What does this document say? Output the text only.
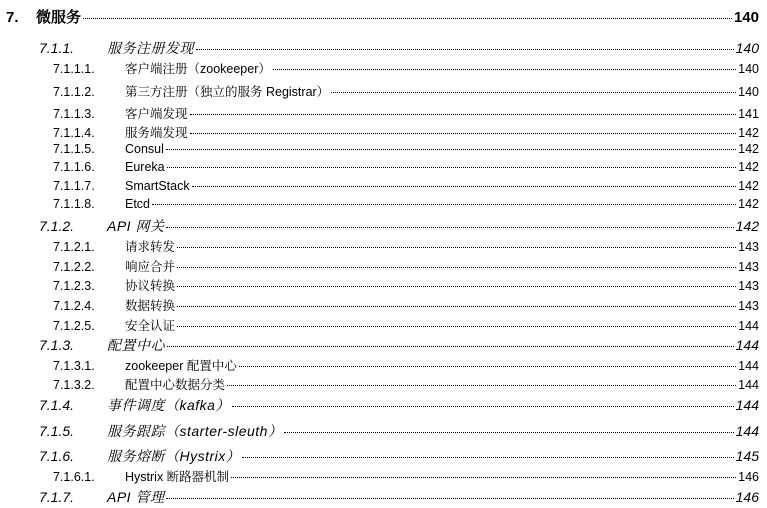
7.	微服务	140
7.1.1.	服务注册发现	140
7.1.1.1.	客户端注册（zookeeper）	140
7.1.1.2.	第三方注册（独立的服务 Registrar）	140
7.1.1.3.	客户端发现	141
7.1.1.4.	服务端发现	142
7.1.1.5.	Consul	142
7.1.1.6.	Eureka	142
7.1.1.7.	SmartStack	142
7.1.1.8.	Etcd	142
7.1.2.	API 网关	142
7.1.2.1.	请求转发	143
7.1.2.2.	响应合并	143
7.1.2.3.	协议转换	143
7.1.2.4.	数据转换	143
7.1.2.5.	安全认证	144
7.1.3.	配置中心	144
7.1.3.1.	zookeeper 配置中心	144
7.1.3.2.	配置中心数据分类	144
7.1.4.	事件调度（kafka）	144
7.1.5.	服务跟踪（starter-sleuth）	144
7.1.6.	服务熔断（Hystrix）	145
7.1.6.1.	Hystrix 断路器机制	146
7.1.7.	API 管理	146
